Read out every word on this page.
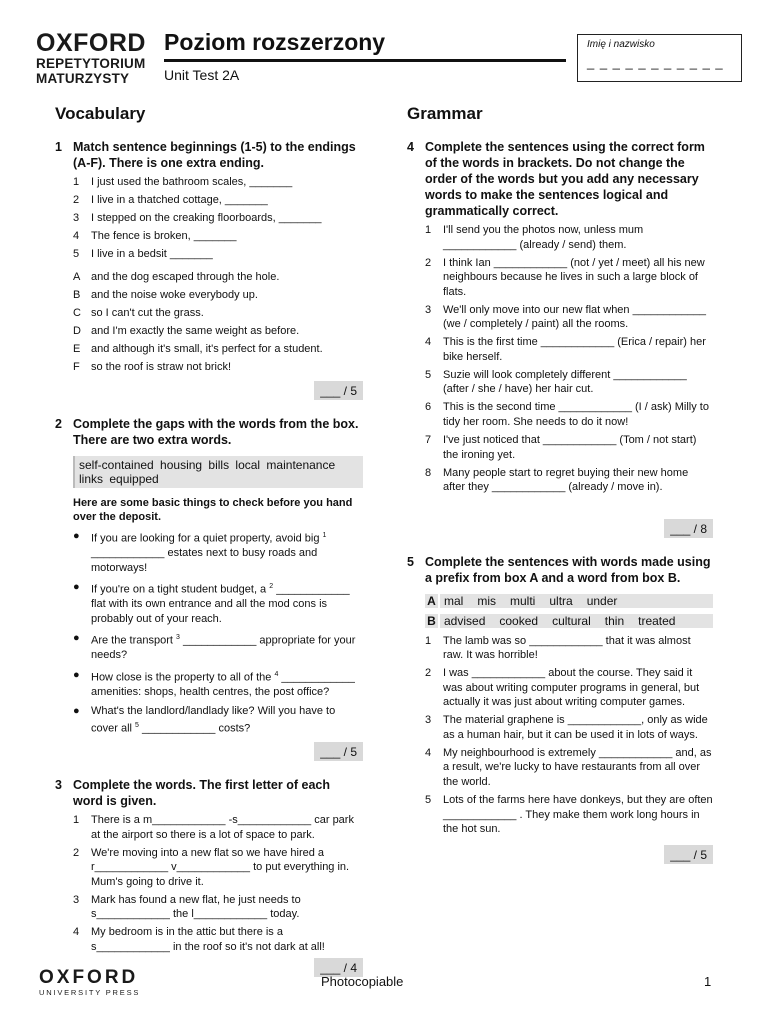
OXFORD
REPETYTORIUM
MATURZYSTY
Poziom rozszerzony
Unit Test 2A
Imię i nazwisko
_ _ _ _ _ _ _ _ _ _ _
Vocabulary
1 Match sentence beginnings (1-5) to the endings (A-F). There is one extra ending.
1	I just used the bathroom scales, _______
2	I live in a thatched cottage, _______
3	I stepped on the creaking floorboards, _______
4	The fence is broken, _______
5	I live in a bedsit _______
A and the dog escaped through the hole.
B and the noise woke everybody up.
C so I can't cut the grass.
D and I'm exactly the same weight as before.
E and although it's small, it's perfect for a student.
F	so the roof is straw not brick!
___ / 5
2 Complete the gaps with the words from the box. There are two extra words.
self-contained housing bills local maintenance links equipped
Here are some basic things to check before you hand over the deposit.
●	If you are looking for a quiet property, avoid big $^1$ ____________ estates next to busy roads and motorways!
●	If you're on a tight student budget, a $^2$ ____________ flat with its own entrance and all the mod cons is probably out of your reach.
●	Are the transport $^3$ ____________ appropriate for your needs?
●	How close is the property to all of the $^4$ ____________ amenities: shops, health centres, the post office?
●	What's the landlord/landlady like? Will you have to cover all $^5$ ____________ costs?
___ / 5
3 Complete the words. The first letter of each word is given.
1	There is a m____________ -s____________ car park at the airport so there is a lot of space to park.
2	We're moving into a new flat so we have hired a r____________ v____________ to put everything in. Mum's going to drive it.
3	Mark has found a new flat, he just needs to s____________ the l____________ today.
4	My bedroom is in the attic but there is a s____________ in the roof so it's not dark at all!
___ / 4
Grammar
4 Complete the sentences using the correct form of the words in brackets. Do not change the order of the words but you add any necessary words to make the sentences logical and grammatically correct.
1	I'll send you the photos now, unless mum ____________ (already / send) them.
2	I think Ian ____________ (not / yet / meet) all his new neighbours because he lives in such a large block of flats.
3	We'll only move into our new flat when ____________ (we / completely / paint) all the rooms.
4	This is the first time ____________ (Erica / repair) her bike herself.
5	Suzie will look completely different ____________ (after / she / have) her hair cut.
6	This is the second time ____________ (I / ask) Milly to tidy her room. She needs to do it now!
7	I've just noticed that ____________ (Tom / not start) the ironing yet.
8	Many people start to regret buying their new home after they ____________ (already / move in).
___ / 8
5 Complete the sentences with words made using a prefix from box A and a word from box B.
A mal mis multi ultra under
B advised cooked cultural thin treated
1	The lamb was so ____________ that it was almost raw. It was horrible!
2	I was ____________ about the course. They said it was about writing computer programs in general, but actually it was just about writing computer games.
3	The material graphene is ____________, only as wide as a human hair, but it can be used it in lots of ways.
4	My neighbourhood is extremely ____________ and, as a result, we're lucky to have restaurants from all over the world.
5	Lots of the farms here have donkeys, but they are often ____________ . They make them work long hours in the hot sun.
___ / 5
OXFORD
UNIVERSITY PRESS
Photocopiable	1
